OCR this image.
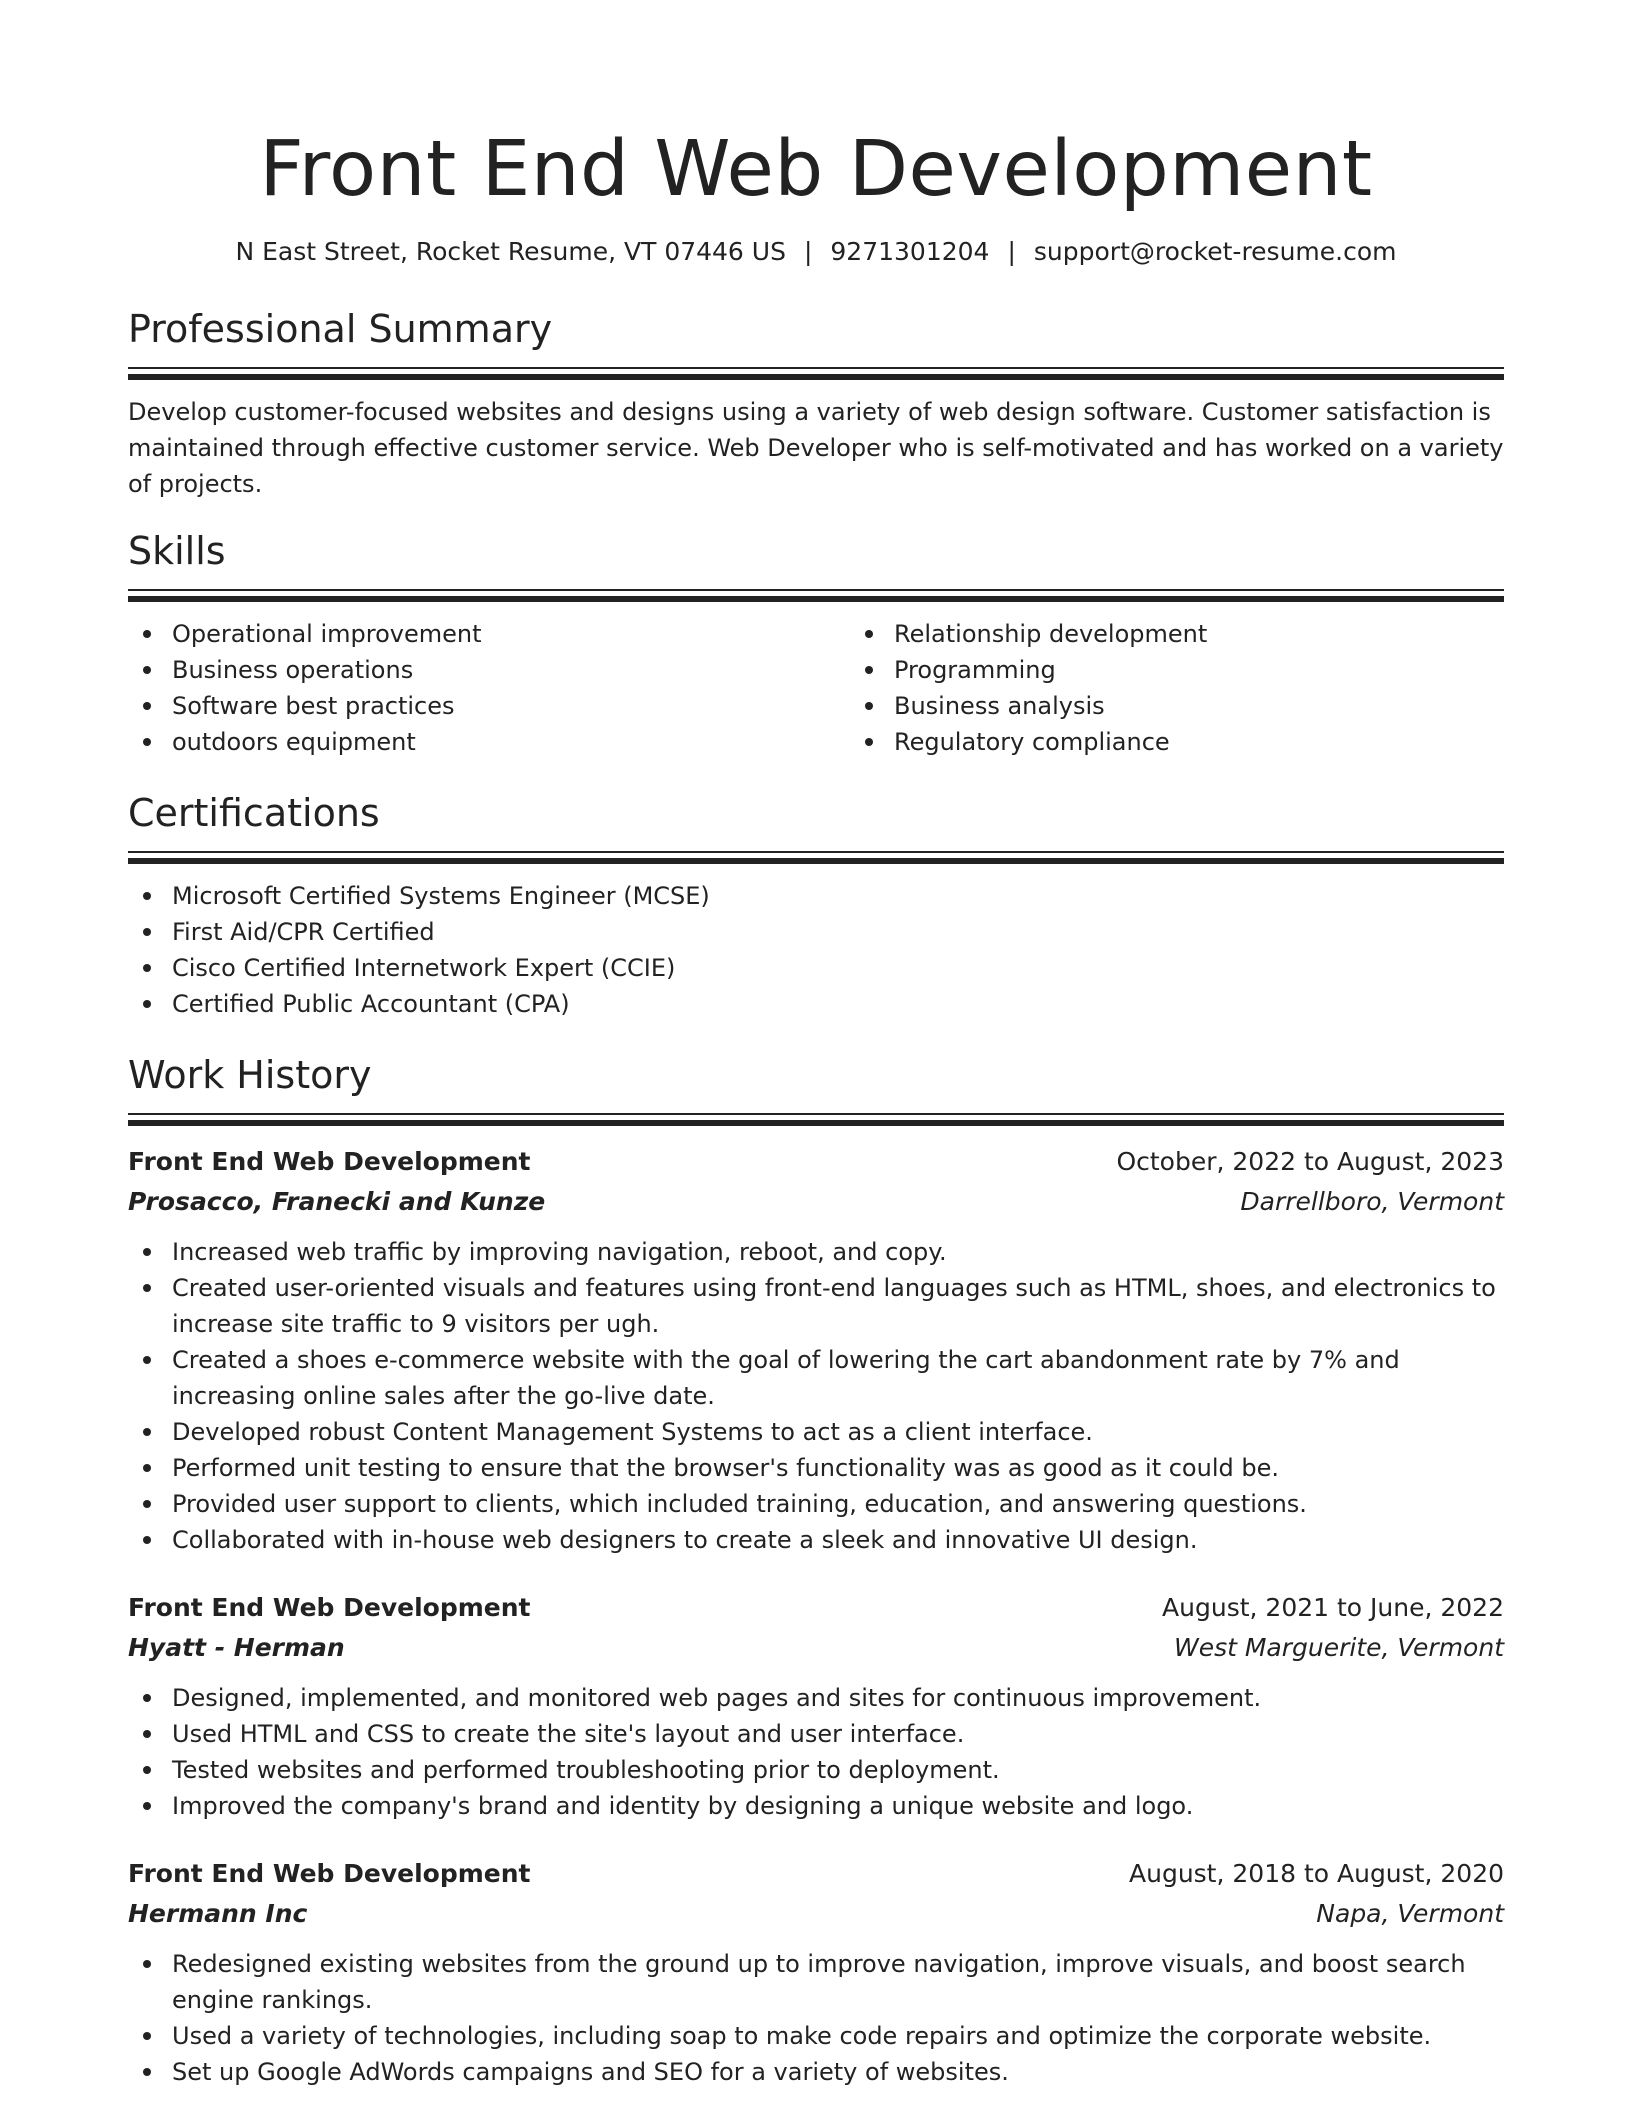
Front End Web Development
N East Street, Rocket Resume, VT 07446 US | 9271301204 | support@rocket-resume.com
Professional Summary

Develop customer-focused websites and designs using a variety of web design software. Customer satisfaction is maintained through effective customer service. Web Developer who is self-motivated and has worked on a variety of projects.

Skills
Operational improvement
Business operations
Software best practices
outdoors equipment
Relationship development
Programming
Business analysis
Regulatory compliance
Certifications
Microsoft Certified Systems Engineer (MCSE)
First Aid/CPR Certified
Cisco Certified Internetwork Expert (CCIE)
Certified Public Accountant (CPA)
Work History
Front End Web Development	October, 2022 to August, 2023
Prosacco, Franecki and Kunze	Darrellboro, Vermont
Increased web traffic by improving navigation, reboot, and copy.
Created user-oriented visuals and features using front-end languages such as HTML, shoes, and electronics to increase site traffic to 9 visitors per ugh.
Created a shoes e-commerce website with the goal of lowering the cart abandonment rate by 7% and increasing online sales after the go-live date.
Developed robust Content Management Systems to act as a client interface.
Performed unit testing to ensure that the browser's functionality was as good as it could be.
Provided user support to clients, which included training, education, and answering questions.
Collaborated with in-house web designers to create a sleek and innovative UI design.
Front End Web Development	August, 2021 to June, 2022
Hyatt - Herman	West Marguerite, Vermont
Designed, implemented, and monitored web pages and sites for continuous improvement.
Used HTML and CSS to create the site's layout and user interface.
Tested websites and performed troubleshooting prior to deployment.
Improved the company's brand and identity by designing a unique website and logo.
Front End Web Development	August, 2018 to August, 2020
Hermann Inc	Napa, Vermont
Redesigned existing websites from the ground up to improve navigation, improve visuals, and boost search engine rankings.
Used a variety of technologies, including soap to make code repairs and optimize the corporate website.
Set up Google AdWords campaigns and SEO for a variety of websites.
